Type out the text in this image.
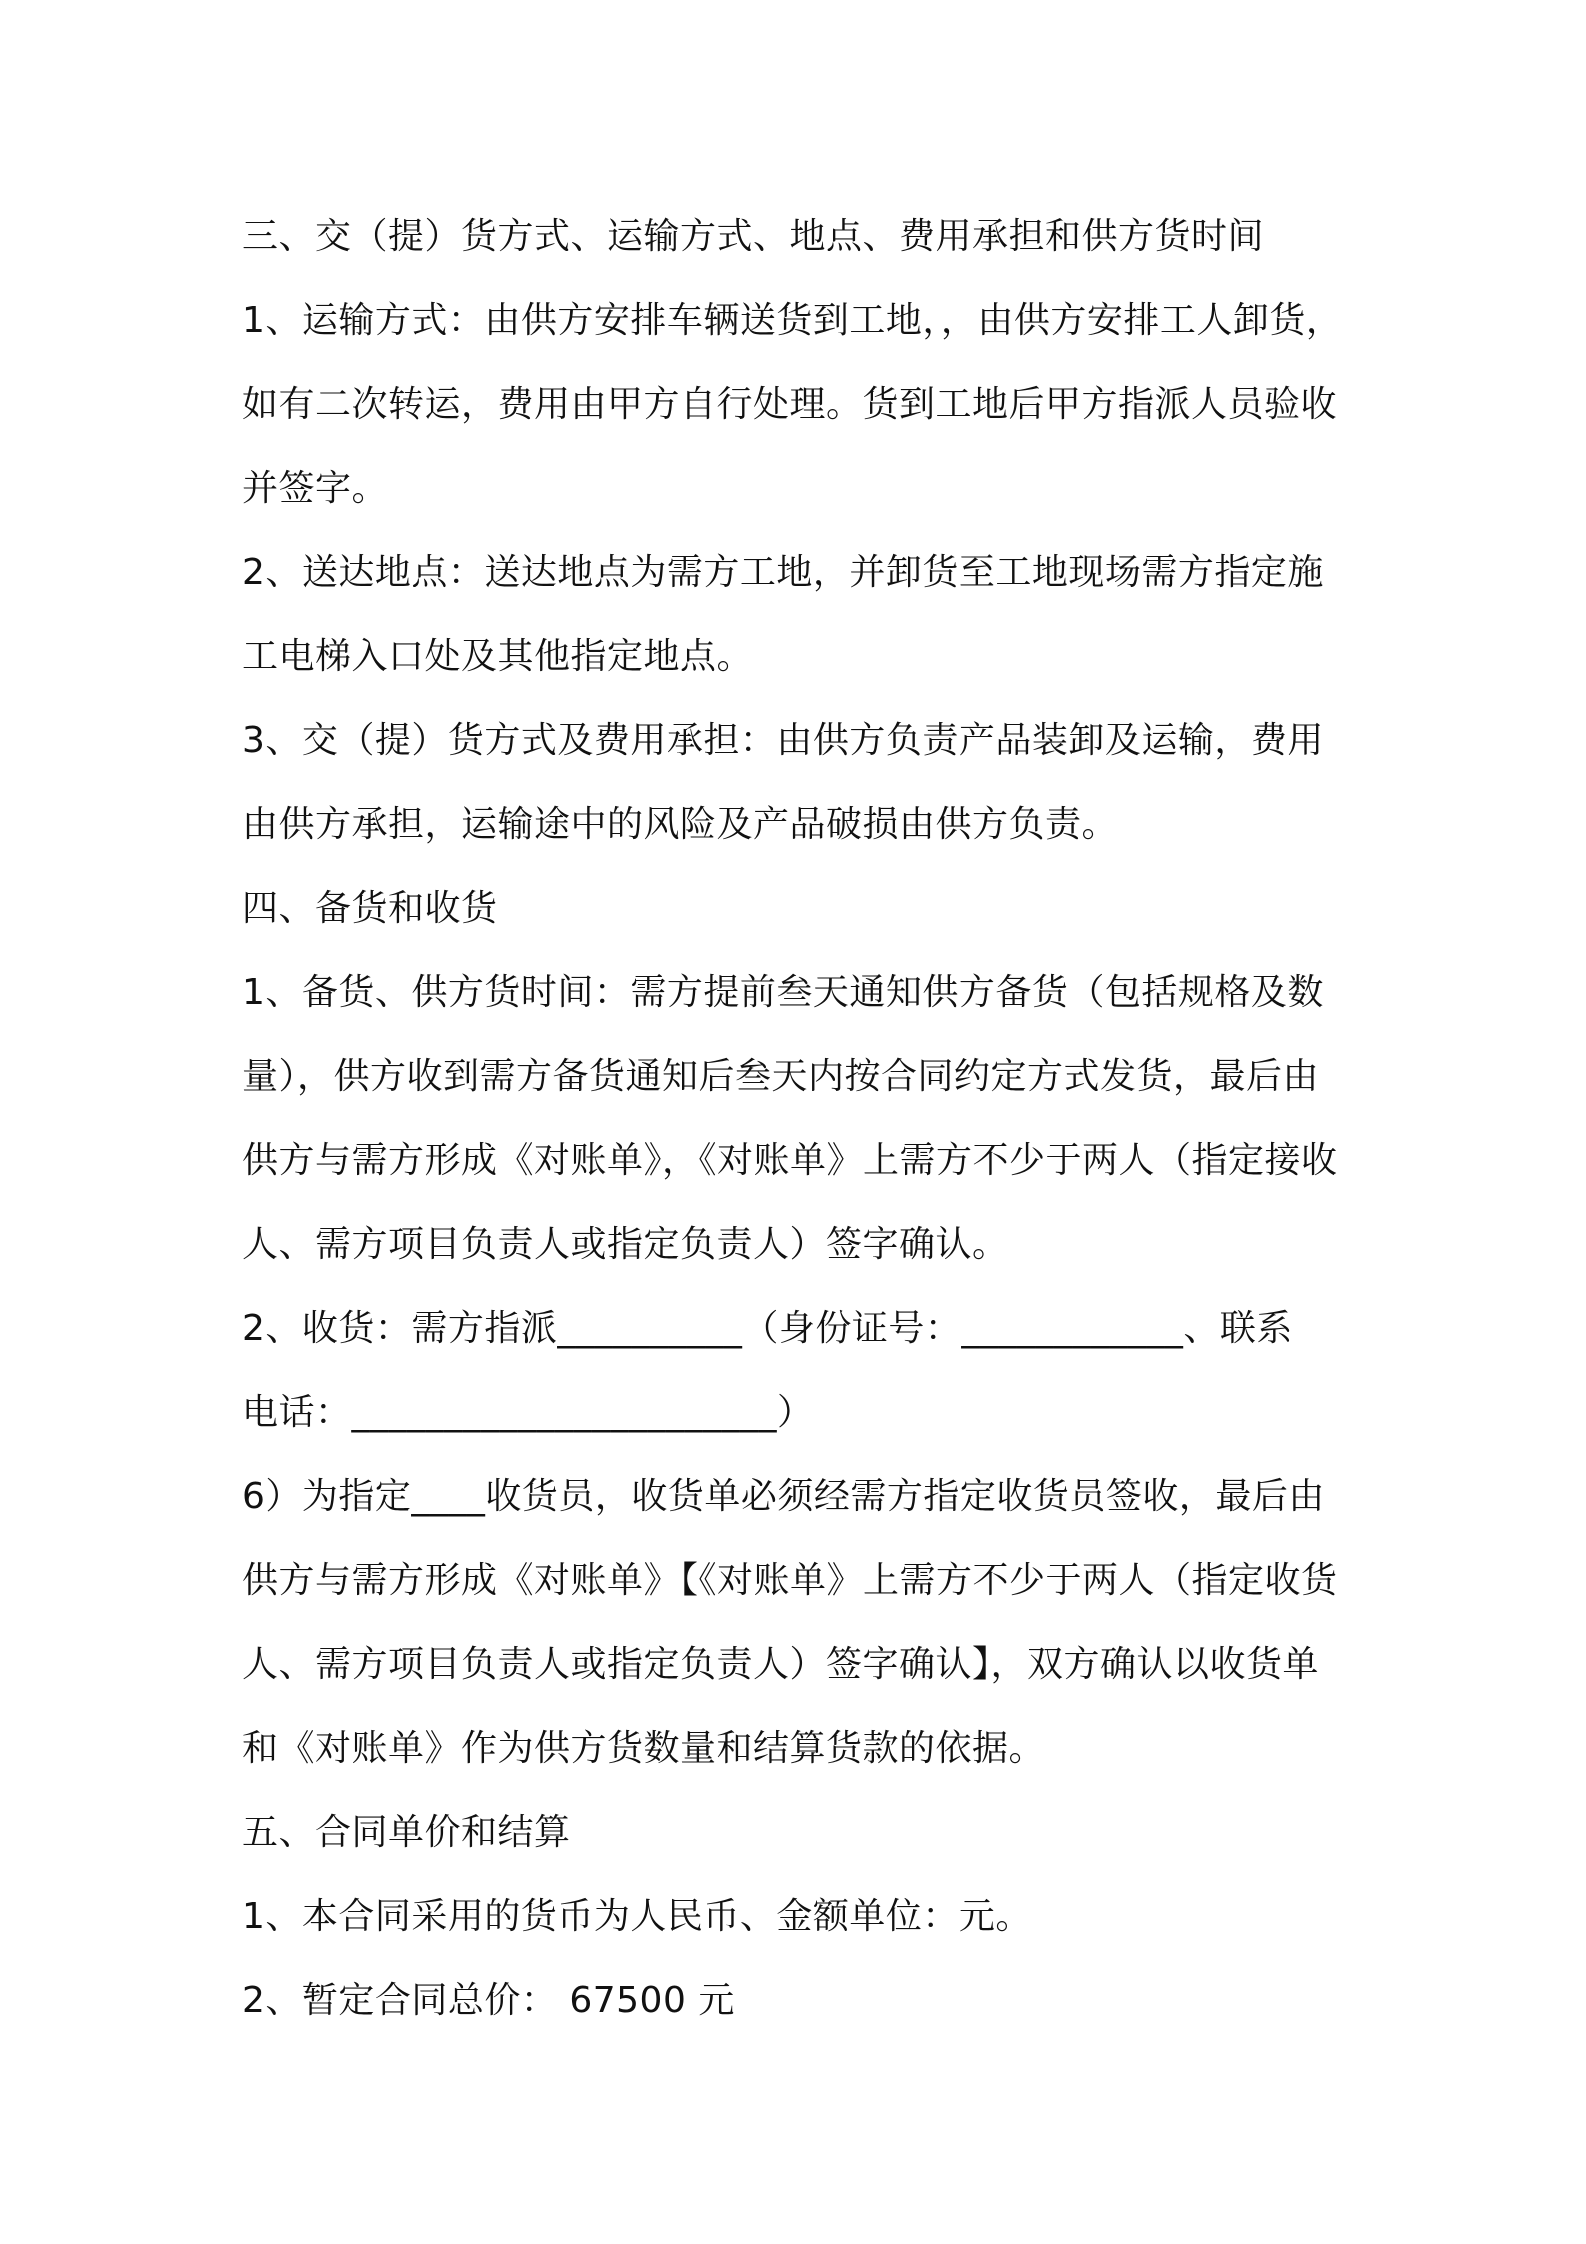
三、交（提）货方式、运输方式、地点、费用承担和供方货时间
1、运输方式：由供方安排车辆送货到工地，，由供方安排工人卸货，
如有二次转运，费用由甲方自行处理。货到工地后甲方指派人员验收
并签字。
2、送达地点：送达地点为需方工地，并卸货至工地现场需方指定施
工电梯入口处及其他指定地点。
3、交（提）货方式及费用承担：由供方负责产品装卸及运输，费用
由供方承担，运输途中的风险及产品破损由供方负责。
四、备货和收货
1、备货、供方货时间：需方提前叁天通知供方备货（包括规格及数
量），供方收到需方备货通知后叁天内按合同约定方式发货，最后由
供方与需方形成《对账单》，《对账单》上需方不少于两人（指定接收
人、需方项目负责人或指定负责人）签字确认。
2、收货：需方指派__________（身份证号：____________、联系
电话：_______________________）
6）为指定____收货员，收货单必须经需方指定收货员签收，最后由
供方与需方形成《对账单》【《对账单》上需方不少于两人（指定收货
人、需方项目负责人或指定负责人）签字确认】，双方确认以收货单
和《对账单》作为供方货数量和结算货款的依据。
五、合同单价和结算
1、本合同采用的货币为人民币、金额单位：元。
2、暂定合同总价： 67500 元
